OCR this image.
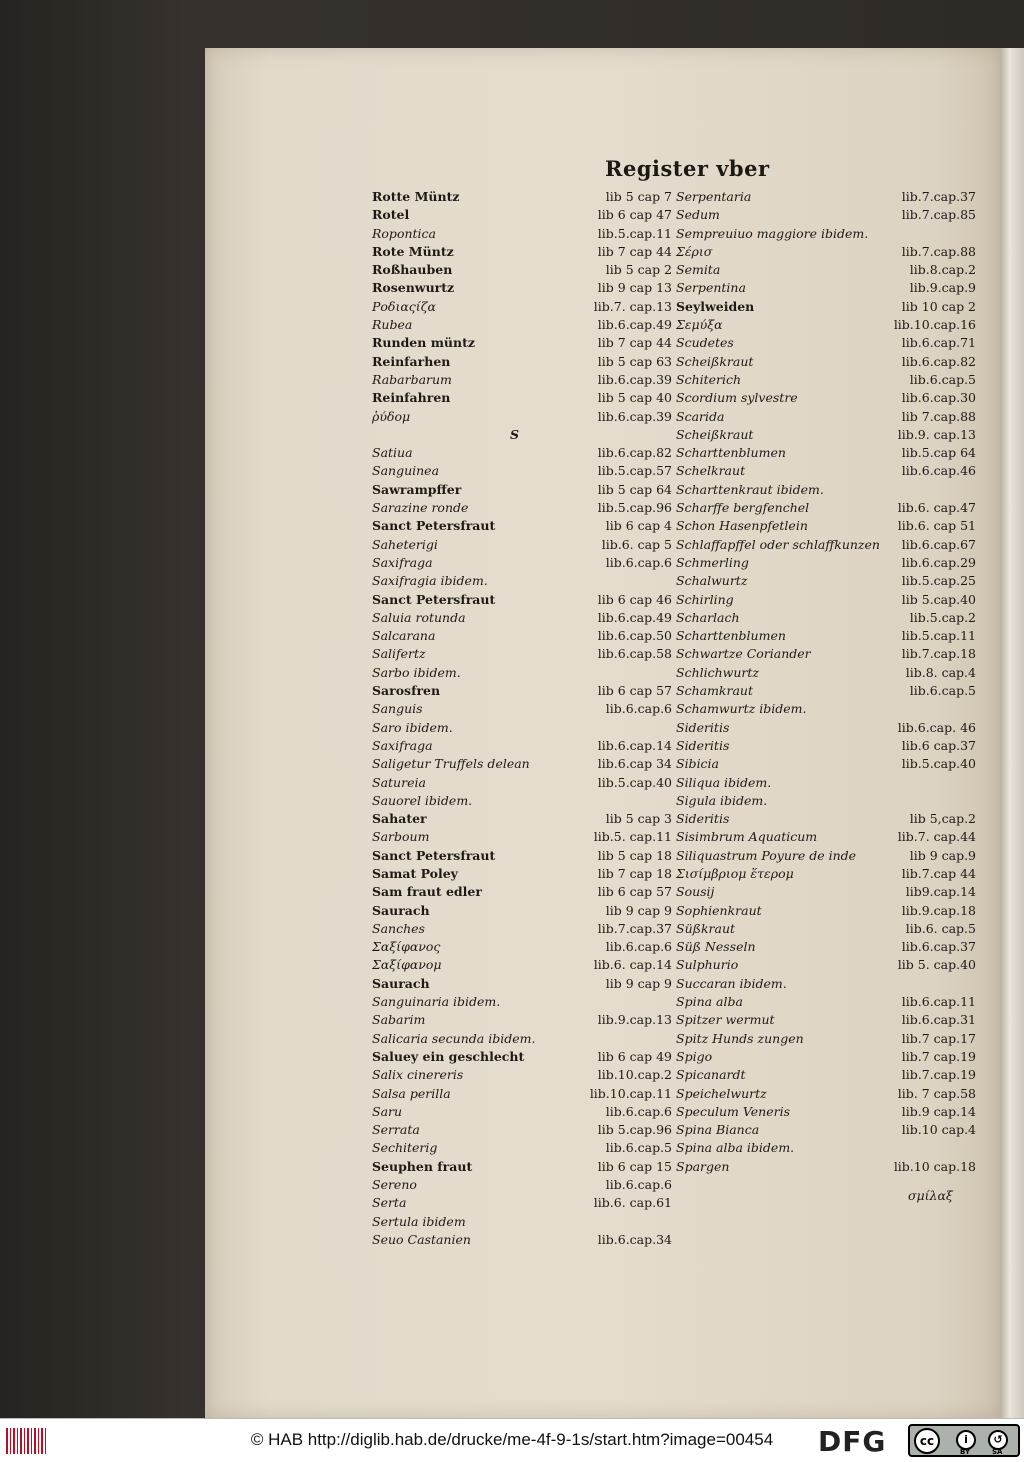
Register vber
Rotte Müntz	lib 5 cap 7
Rotel	lib 6 cap 47
Ropontica	lib.5.cap.11
Rote Müntz	lib 7 cap 44
Roßhauben	lib 5 cap 2
Rosenwurtz	lib 9 cap 13
Ροδιαςίζα	lib.7. cap.13
Rubea	lib.6.cap.49
Runden müntz	lib 7 cap 44
Reinfarhen	lib 5 cap 63
Rabarbarum	lib.6.cap.39
Reinfahren	lib 5 cap 40
ῥύδομ	lib.6.cap.39
S
Satiua	lib.6.cap.82
Sanguinea	lib.5.cap.57
Sawrampffer	lib 5 cap 64
Sarazine ronde	lib.5.cap.96
Sanct Petersfraut	lib 6 cap 4
Saheterigi	lib.6. cap 5
Saxifraga	lib.6.cap.6
Saxifragia ibidem.
Sanct Petersfraut	lib 6 cap 46
Saluia rotunda	lib.6.cap.49
Salcarana	lib.6.cap.50
Salifertz	lib.6.cap.58
Sarbo ibidem.
Sarosfren	lib 6 cap 57
Sanguis	lib.6.cap.6
Saro ibidem.
Saxifraga	lib.6.cap.14
Saligetur Truffels delean	lib.6.cap 34
Satureia	lib.5.cap.40
Sauorel ibidem.
Sahater	lib 5 cap 3
Sarboum	lib.5. cap.11
Sanct Petersfraut	lib 5 cap 18
Samat Poley	lib 7 cap 18
Sam fraut edler	lib 6 cap 57
Saurach	lib 9 cap 9
Sanches	lib.7.cap.37
Σαξίφανος	lib.6.cap.6
Σαξίφανομ	lib.6. cap.14
Saurach	lib 9 cap 9
Sanguinaria ibidem.
Sabarim	lib.9.cap.13
Salicaria secunda ibidem.
Saluey ein geschlecht	lib 6 cap 49
Salix cinereris	lib.10.cap.2
Salsa perilla	lib.10.cap.11
Saru	lib.6.cap.6
Serrata	lib 5.cap.96
Sechiterig	lib.6.cap.5
Seuphen fraut	lib 6 cap 15
Sereno	lib.6.cap.6
Serta	lib.6. cap.61
Sertula ibidem
Seuo Castanien	lib.6.cap.34
Serpentaria	lib.7.cap.37
Sedum	lib.7.cap.85
Sempreuiuo maggiore ibidem.
Σέρισ	lib.7.cap.88
Semita	lib.8.cap.2
Serpentina	lib.9.cap.9
Seylweiden	lib 10 cap 2
Σεμύξα	lib.10.cap.16
Scudetes	lib.6.cap.71
Scheißkraut	lib.6.cap.82
Schiterich	lib.6.cap.5
Scordium sylvestre	lib.6.cap.30
Scarida	lib 7.cap.88
Scheißkraut	lib.9. cap.13
Scharttenblumen	lib.5.cap 64
Schelkraut	lib.6.cap.46
Scharttenkraut ibidem.
Scharffe bergfenchel	lib.6. cap.47
Schon Hasenpfetlein	lib.6. cap 51
Schlaffapffel oder schlaffkunzen lib.6.cap.67
Schmerling	lib.6.cap.29
Schalwurtz	lib.5.cap.25
Schirling	lib 5.cap.40
Scharlach	lib.5.cap.2
Scharttenblumen	lib.5.cap.11
Schwartze Coriander	lib.7.cap.18
Schlichwurtz	lib.8. cap.4
Schamkraut	lib.6.cap.5
Schamwurtz ibidem.
Sideritis	lib.6.cap. 46
Sideritis	lib.6 cap.37
Sibicia	lib.5.cap.40
Siliqua ibidem.
Sigula ibidem.
Sideritis	lib 5,cap.2
Sisimbrum Aquaticum	lib.7. cap.44
Siliquastrum Poyure de inde	lib 9 cap.9
Σισίμβριομ ἕτερομ	lib.7.cap 44
Sousij	lib9.cap.14
Sophienkraut	lib.9.cap.18
Süßkraut	lib.6. cap.5
Süß Nesseln	lib.6.cap.37
Sulphurio	lib 5. cap.40
Succaran ibidem.
Spina alba	lib.6.cap.11
Spitzer wermut	lib.6.cap.31
Spitz Hunds zungen	lib.7 cap.17
Spigo	lib.7 cap.19
Spicanardt	lib.7.cap.19
Speichelwurtz	lib. 7 cap.58
Speculum Veneris	lib.9 cap.14
Spina Bianca	lib.10 cap.4
Spina alba ibidem.
Spargen	lib.10 cap.18
σμίλαξ
© HAB http://diglib.hab.de/drucke/me-4f-9-1s/start.htm?image=00454	DFG	cc	i	↺
BY	SA
